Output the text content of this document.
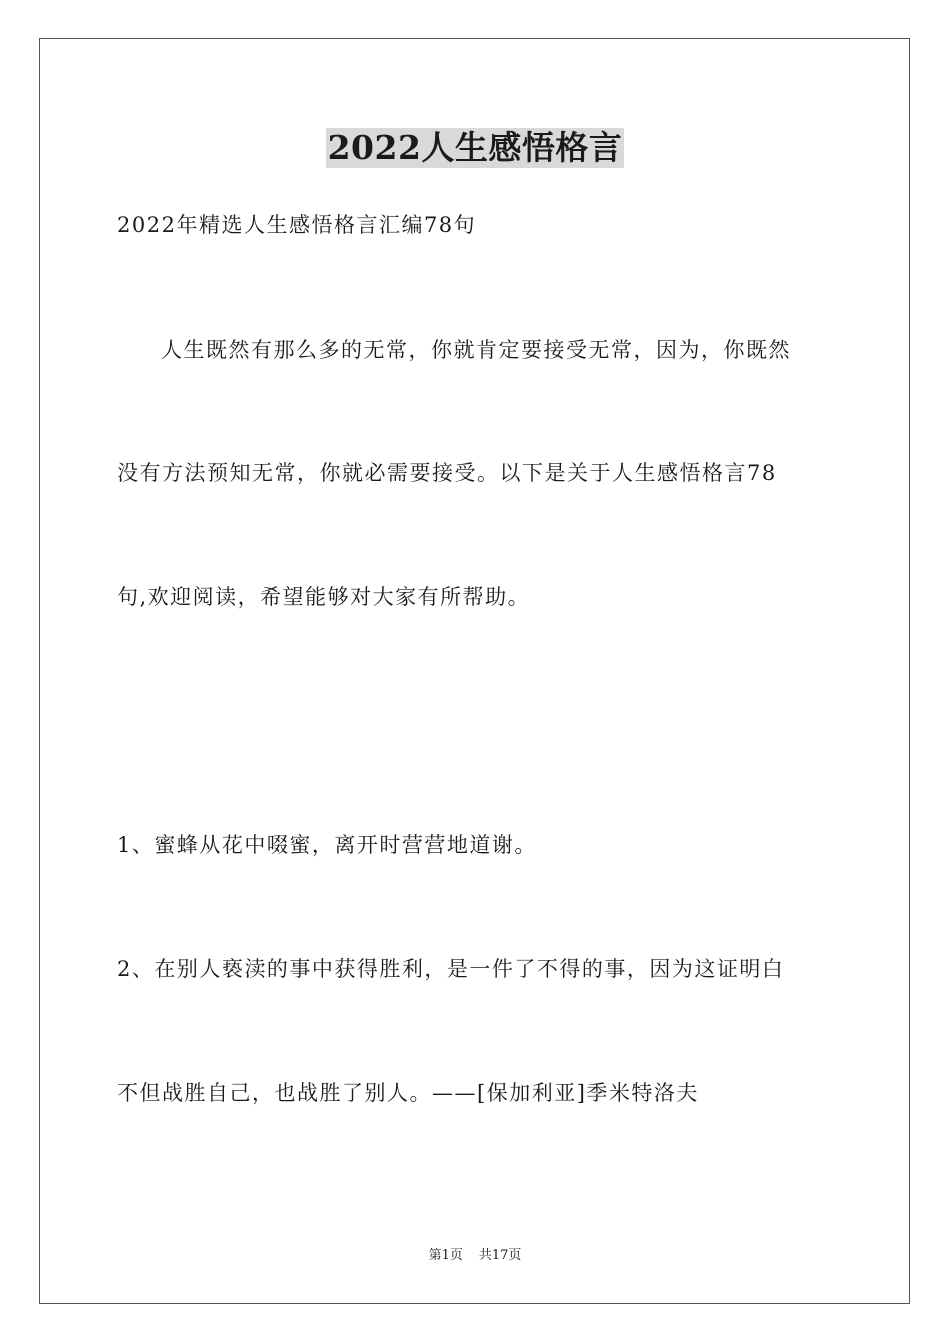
2022人生感悟格言
2022年精选人生感悟格言汇编78句
人生既然有那么多的无常，你就肯定要接受无常，因为，你既然
没有方法预知无常，你就必需要接受。以下是关于人生感悟格言78
句,欢迎阅读，希望能够对大家有所帮助。
1、蜜蜂从花中啜蜜，离开时营营地道谢。
2、在别人亵渎的事中获得胜利，是一件了不得的事，因为这证明白
不但战胜自己，也战胜了别人。——[保加利亚]季米特洛夫
第1页 共17页
